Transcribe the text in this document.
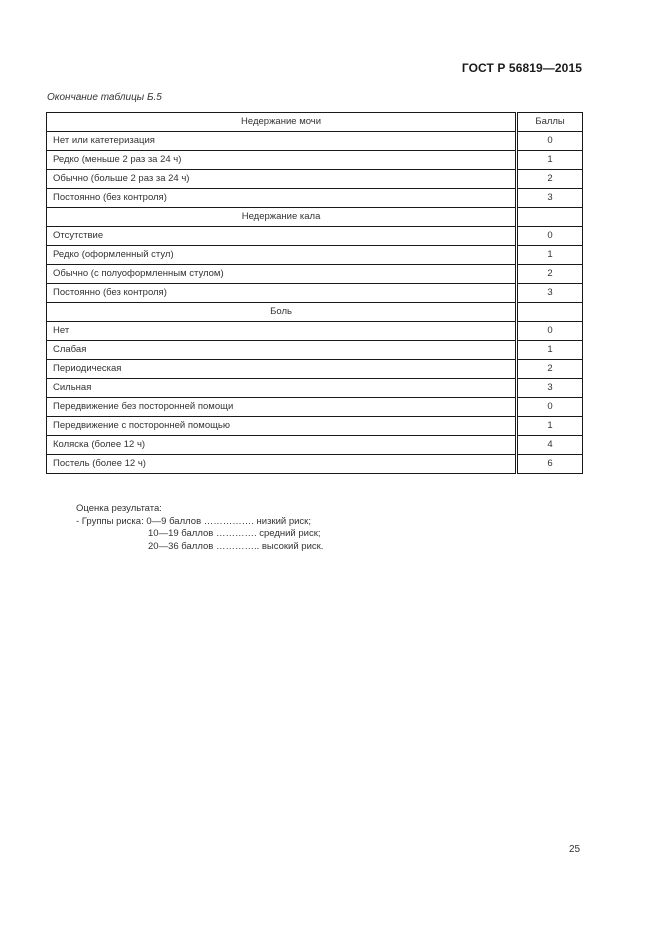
ГОСТ Р 56819—2015
Окончание таблицы Б.5
Недержание мочи	Баллы
Нет или катетеризация	0
Редко (меньше 2 раз за 24 ч)	1
Обычно (больше 2 раз за 24 ч)	2
Постоянно (без контроля)	3
Недержание кала	
Отсутствие	0
Редко (оформленный стул)	1
Обычно (с полуоформленным стулом)	2
Постоянно (без контроля)	3
Боль	
Нет	0
Слабая	1
Периодическая	2
Сильная	3
Передвижение без посторонней помощи	0
Передвижение с посторонней помощью	1
Коляска (более 12 ч)	4
Постель (более 12 ч)	6
Оценка результата:
- Группы риска: 0—9 баллов ……………. низкий риск;
10—19 баллов …………. средний риск;
20—36 баллов ………….. высокий риск.
25
